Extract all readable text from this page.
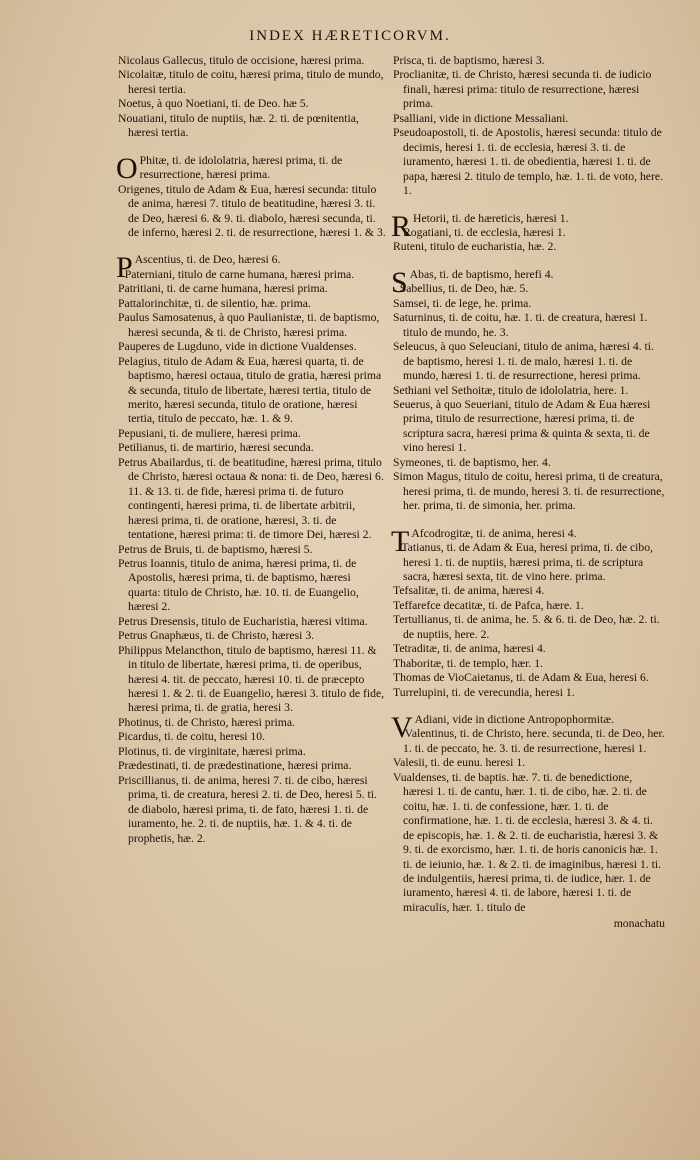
INDEX HÆRETICORVM.
Nicolaus Gallecus, titulo de occisione, hæresi prima.
Nicolaitæ, titulo de coitu, hæresi prima, titulo de mundo, heresi tertia.
Noetus, à quo Noetiani, ti. de Deo. hæ 5.
Nouatiani, titulo de nuptiis, hæ. 2. ti. de pœnitentia, hæresi tertia.
O Phitæ, ti. de idololatria, hæresi prima, ti. de resurrectione, hæresi prima.
Origenes, titulo de Adam & Eua, hæresi secunda: titulo de anima, hæresi 7. titulo de beatitudine, hæresi 3. ti. de Deo, hæresi 6. & 9. ti. diabolo, hæresi secunda, ti. de inferno, hæresi 2. ti. de resurrectione, hæresi 1. & 3.
P Ascentius, ti. de Deo, hæresi 6.
Paterniani, titulo de carne humana, hæresi prima.
Patritiani, ti. de carne humana, hæresi prima.
Pattalorinchitæ, ti. de silentio, hæ. prima.
Paulus Samosatenus, à quo Paulianistæ, ti. de baptismo, hæresi secunda, & ti. de Christo, hæresi prima.
Pauperes de Lugduno, vide in dictione Vualdenses.
Pelagius, titulo de Adam & Eua, hæresi quarta, ti. de baptismo, hæresi octaua, titulo de gratia, hæresi prima & secunda, titulo de libertate, hæresi tertia, titulo de merito, hæresi secunda, titulo de oratione, hæresi tertia, titulo de peccato, hæ. 1. & 9.
Pepusiani, ti. de muliere, hæresi prima.
Petilianus, ti. de martirio, hæresi secunda.
Petrus Abailardus, ti. de beatitudine, hæresi prima, titulo de Christo, hæresi octaua & nona: ti. de Deo, hæresi 6. 11. & 13. ti. de fide, hæresi prima ti. de futuro contingenti, hæresi prima, ti. de libertate arbitrii, hæresi prima, ti. de oratione, hæresi, 3. ti. de tentatione, hæresi prima: ti. de timore Dei, hæresi 2.
Petrus de Bruis, ti. de baptismo, hæresi 5.
Petrus Ioannis, titulo de anima, hæresi prima, ti. de Apostolis, hæresi prima, ti. de baptismo, hæresi quarta: titulo de Christo, hæ. 10. ti. de Euangelio, hæresi 2.
Petrus Dresensis, titulo de Eucharistia, hæresi vltima.
Petrus Gnaphæus, ti. de Christo, hæresi 3.
Philippus Melancthon, titulo de baptismo, hæresi 11. & in titulo de libertate, hæresi prima, ti. de operibus, hæresi 4. tit. de peccato, hæresi 10. ti. de præcepto hæresi 1. & 2. ti. de Euangelio, hæresi 3. titulo de fide, hæresi prima, ti. de gratia, heresi 3.
Photinus, ti. de Christo, hæresi prima.
Picardus, ti. de coitu, heresi 10.
Plotinus, ti. de virginitate, hæresi prima.
Prædestinati, ti. de prædestinatione, hæresi prima.
Priscillianus, ti. de anima, heresi 7. ti. de cibo, hæresi prima, ti. de creatura, heresi 2. ti. de Deo, heresi 5. ti. de diabolo, hæresi prima, ti. de fato, hæresi 1. ti. de iuramento, he. 2. ti. de nuptiis, hæ. 1. & 4. ti. de prophetis, hæ. 2.
Prisca, ti. de baptismo, hæresi 3.
Proclianitæ, ti. de Christo, hæresi secunda ti. de iudicio finali, hæresi prima: titulo de resurrectione, hæresi prima.
Psalliani, vide in dictione Messaliani.
Pseudoapostoli, ti. de Apostolis, hæresi secunda: titulo de decimis, heresi 1. ti. de ecclesia, hæresi 3. ti. de iuramento, hæresi 1. ti. de obedientia, hæresi 1. ti. de papa, hæresi 2. titulo de templo, hæ. 1. ti. de voto, here. 1.
R Hetorii, ti. de hæreticis, hæresi 1.
Rogatiani, ti. de ecclesia, hæresi 1.
Ruteni, titulo de eucharistia, hæ. 2.
S Abas, ti. de baptismo, herefi 4.
Sabellius, ti. de Deo, hæ. 5.
Samsei, ti. de lege, he. prima.
Saturninus, ti. de coitu, hæ. 1. ti. de creatura, hæresi 1. titulo de mundo, he. 3.
Seleucus, à quo Seleuciani, titulo de anima, hæresi 4. ti. de baptismo, heresi 1. ti. de malo, hæresi 1. ti. de mundo, hæresi 1. ti. de resurrectione, heresi prima.
Sethiani vel Sethoitæ, titulo de idololatria, here. 1.
Seuerus, à quo Seueriani, titulo de Adam & Eua hæresi prima, titulo de resurrectione, hæresi prima, ti. de scriptura sacra, hæresi prima & quinta & sexta, ti. de vino heresi 1.
Symeones, ti. de baptismo, her. 4.
Simon Magus, titulo de coitu, heresi prima, ti de creatura, heresi prima, ti. de mundo, heresi 3. ti. de resurrectione, her. prima, ti. de simonia, her. prima.
T Afcodrogitæ, ti. de anima, heresi 4.
Tatianus, ti. de Adam & Eua, heresi prima, ti. de cibo, heresi 1. ti. de nuptiis, hæresi prima, ti. de scriptura sacra, hæresi sexta, tit. de vino here. prima.
Tefsalitæ, ti. de anima, hæresi 4.
Teffarefce decatitæ, ti. de Pafca, hære. 1.
Tertullianus, ti. de anima, he. 5. & 6. ti. de Deo, hæ. 2. ti. de nuptiis, here. 2.
Tetraditæ, ti. de anima, hæresi 4.
Thaboritæ, ti. de templo, hær. 1.
Thomas de VioCaietanus, ti. de Adam & Eua, heresi 6.
Turrelupini, ti. de verecundia, heresi 1.
V Adiani, vide in dictione Antropophormitæ.
Valentinus, ti. de Christo, here. secunda, ti. de Deo, her. 1. ti. de peccato, he. 3. ti. de resurrectione, hæresi 1.
Valesii, ti. de eunu. heresi 1.
Vualdenses, ti. de baptis. hæ. 7. ti. de benedictione, hæresi 1. ti. de cantu, hær. 1. ti. de cibo, hæ. 2. ti. de coitu, hæ. 1. ti. de confessione, hær. 1. ti. de confirmatione, hæ. 1. ti. de ecclesia, hæresi 3. & 4. ti. de episcopis, hæ. 1. & 2. ti. de eucharistia, hæresi 3. & 9. ti. de exorcismo, hær. 1. ti. de horis canonicis hæ. 1. ti. de ieiunio, hæ. 1. & 2. ti. de imaginibus, hæresi 1. ti. de indulgentiis, hæresi prima, ti. de iudice, hær. 1. de iuramento, hæresi 4. ti. de labore, hæresi 1. ti. de miraculis, hær. 1. titulo de
monachatu
